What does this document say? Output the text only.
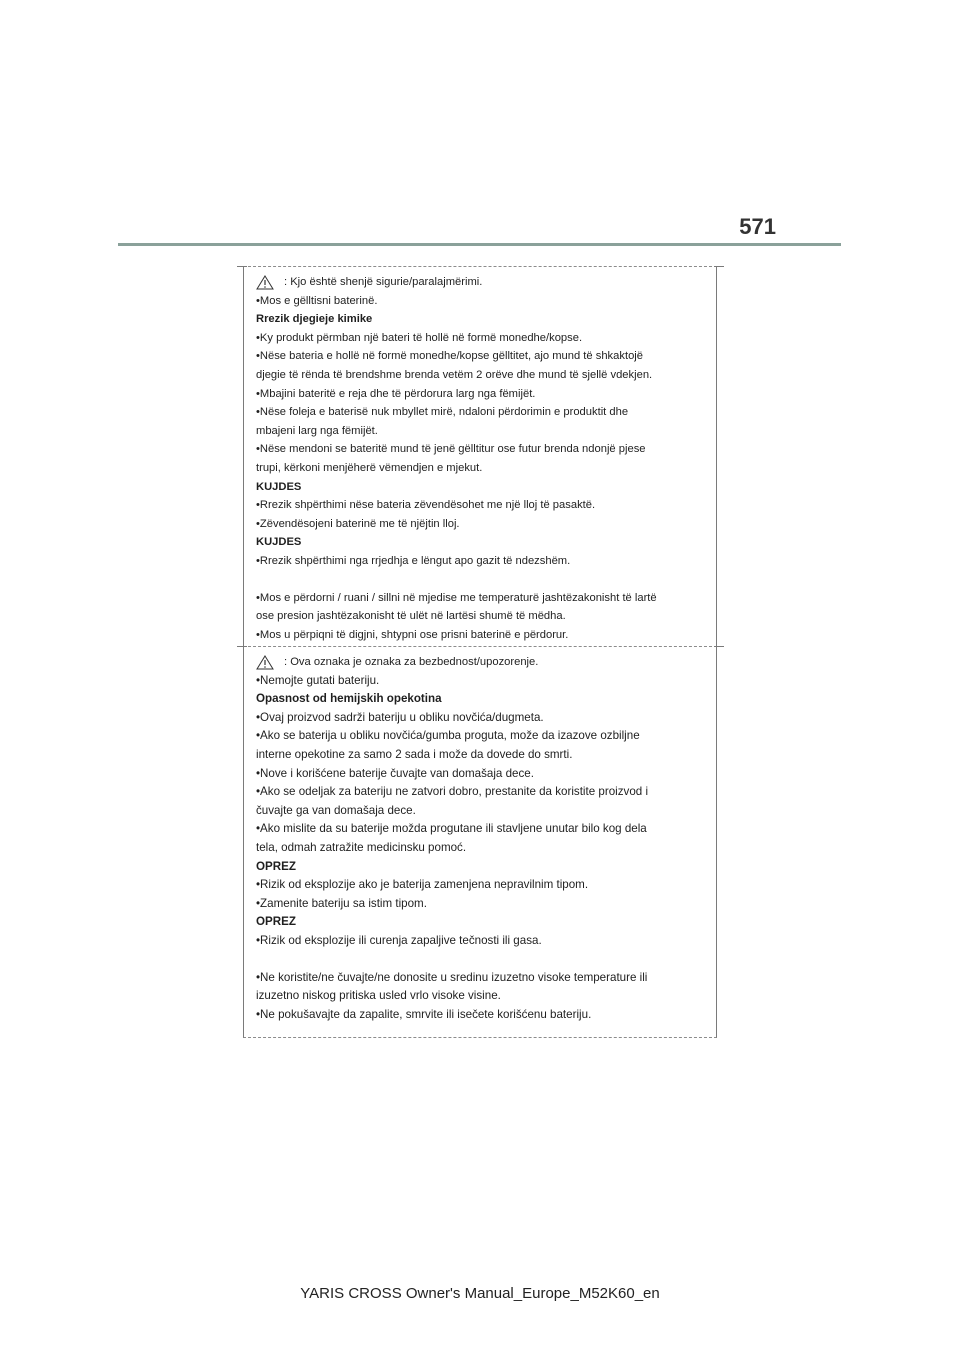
571
: Kjo është shenjë sigurie/paralajmërimi.

•Mos e gëlltisni baterinë.

Rrezik djegieje kimike

•Ky produkt përmban një bateri të hollë në formë monedhe/kopse.

•Nëse bateria e hollë në formë monedhe/kopse gëlltitet, ajo mund të shkaktojë

djegie të rënda të brendshme brenda vetëm 2 orëve dhe mund të sjellë vdekjen.

•Mbajini bateritë e reja dhe të përdorura larg nga fëmijët.

•Nëse foleja e baterisë nuk mbyllet mirë, ndaloni përdorimin e produktit dhe

mbajeni larg nga fëmijët.

•Nëse mendoni se bateritë mund të jenë gëlltitur ose futur brenda ndonjë pjese

trupi, kërkoni menjëherë vëmendjen e mjekut.

KUJDES

•Rrezik shpërthimi nëse bateria zëvendësohet me një lloj të pasaktë.

•Zëvendësojeni baterinë me të njëjtin lloj.

KUJDES

•Rrezik shpërthimi nga rrjedhja e lëngut apo gazit të ndezshëm.

•Mos e përdorni / ruani / sillni në mjedise me temperaturë jashtëzakonisht të lartë

ose presion jashtëzakonisht të ulët në lartësi shumë të mëdha.

•Mos u përpiqni të digjni, shtypni ose prisni baterinë e përdorur.

: Ova oznaka je oznaka za bezbednost/upozorenje.

•Nemojte gutati bateriju.

Opasnost od hemijskih opekotina

•Ovaj proizvod sadrži bateriju u obliku novčića/dugmeta.

•Ako se baterija u obliku novčića/gumba proguta, može da izazove ozbiljne

interne opekotine za samo 2 sada i može da dovede do smrti.

•Nove i korišćene baterije čuvajte van domašaja dece.

•Ako se odeljak za bateriju ne zatvori dobro, prestanite da koristite proizvod i

čuvajte ga van domašaja dece.

•Ako mislite da su baterije možda progutane ili stavljene unutar bilo kog dela

tela, odmah zatražite medicinsku pomoć.

OPREZ

•Rizik od eksplozije ako je baterija zamenjena nepravilnim tipom.

•Zamenite bateriju sa istim tipom.

OPREZ

•Rizik od eksplozije ili curenja zapaljive tečnosti ili gasa.

•Ne koristite/ne čuvajte/ne donosite u sredinu izuzetno visoke temperature ili

izuzetno niskog pritiska usled vrlo visoke visine.

•Ne pokušavajte da zapalite, smrvite ili isečete korišćenu bateriju.

YARIS CROSS Owner's Manual_Europe_M52K60_en
